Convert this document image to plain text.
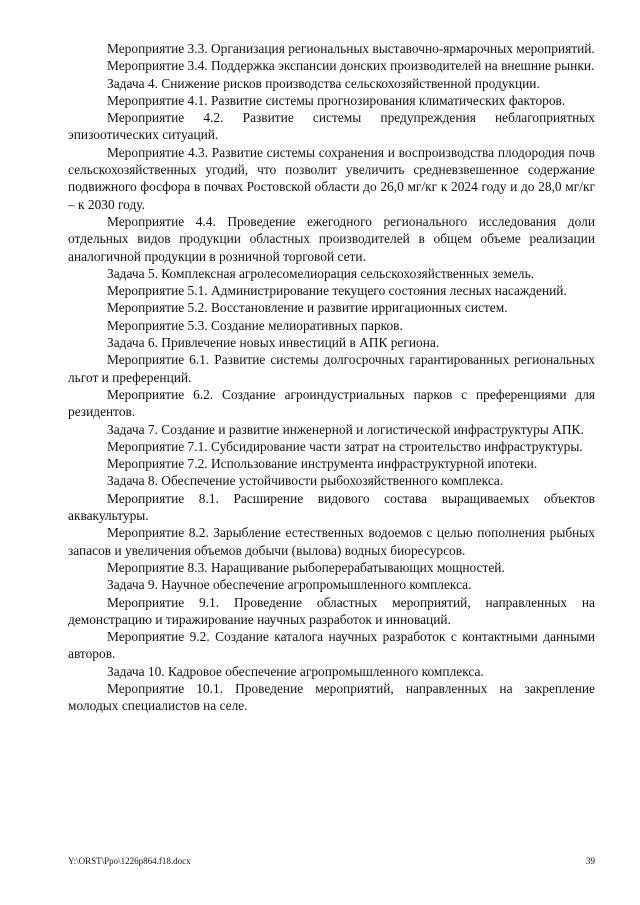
Мероприятие 3.3. Организация региональных выставочно-ярмарочных мероприятий.

Мероприятие 3.4. Поддержка экспансии донских производителей на внешние рынки.

Задача 4. Снижение рисков производства сельскохозяйственной продукции.

Мероприятие 4.1. Развитие системы прогнозирования климатических факторов.

Мероприятие 4.2. Развитие системы предупреждения неблагоприятных эпизоотических ситуаций.

Мероприятие 4.3. Развитие системы сохранения и воспроизводства плодородия почв сельскохозяйственных угодий, что позволит увеличить средневзвешенное содержание подвижного фосфора в почвах Ростовской области до 26,0 мг/кг к 2024 году и до 28,0 мг/кг – к 2030 году.

Мероприятие 4.4. Проведение ежегодного регионального исследования доли отдельных видов продукции областных производителей в общем объеме реализации аналогичной продукции в розничной торговой сети.

Задача 5. Комплексная агролесомелиорация сельскохозяйственных земель.

Мероприятие 5.1. Администрирование текущего состояния лесных насаждений.

Мероприятие 5.2. Восстановление и развитие ирригационных систем.

Мероприятие 5.3. Создание мелиоративных парков.

Задача 6. Привлечение новых инвестиций в АПК региона.

Мероприятие 6.1. Развитие системы долгосрочных гарантированных региональных льгот и преференций.

Мероприятие 6.2. Создание агроиндустриальных парков с преференциями для резидентов.

Задача 7. Создание и развитие инженерной и логистической инфраструктуры АПК.

Мероприятие 7.1. Субсидирование части затрат на строительство инфраструктуры.

Мероприятие 7.2. Использование инструмента инфраструктурной ипотеки.

Задача 8. Обеспечение устойчивости рыбохозяйственного комплекса.

Мероприятие 8.1. Расширение видового состава выращиваемых объектов аквакультуры.

Мероприятие 8.2. Зарыбление естественных водоемов с целью пополнения рыбных запасов и увеличения объемов добычи (вылова) водных биоресурсов.

Мероприятие 8.3. Наращивание рыбоперерабатывающих мощностей.

Задача 9. Научное обеспечение агропромышленного комплекса.

Мероприятие 9.1. Проведение областных мероприятий, направленных на демонстрацию и тиражирование научных разработок и инноваций.

Мероприятие 9.2. Создание каталога научных разработок с контактными данными авторов.

Задача 10. Кадровое обеспечение агропромышленного комплекса.

Мероприятие 10.1. Проведение мероприятий, направленных на закрепление молодых специалистов на селе.

Y:\ORST\Ppo\1226p864.f18.docx	39
